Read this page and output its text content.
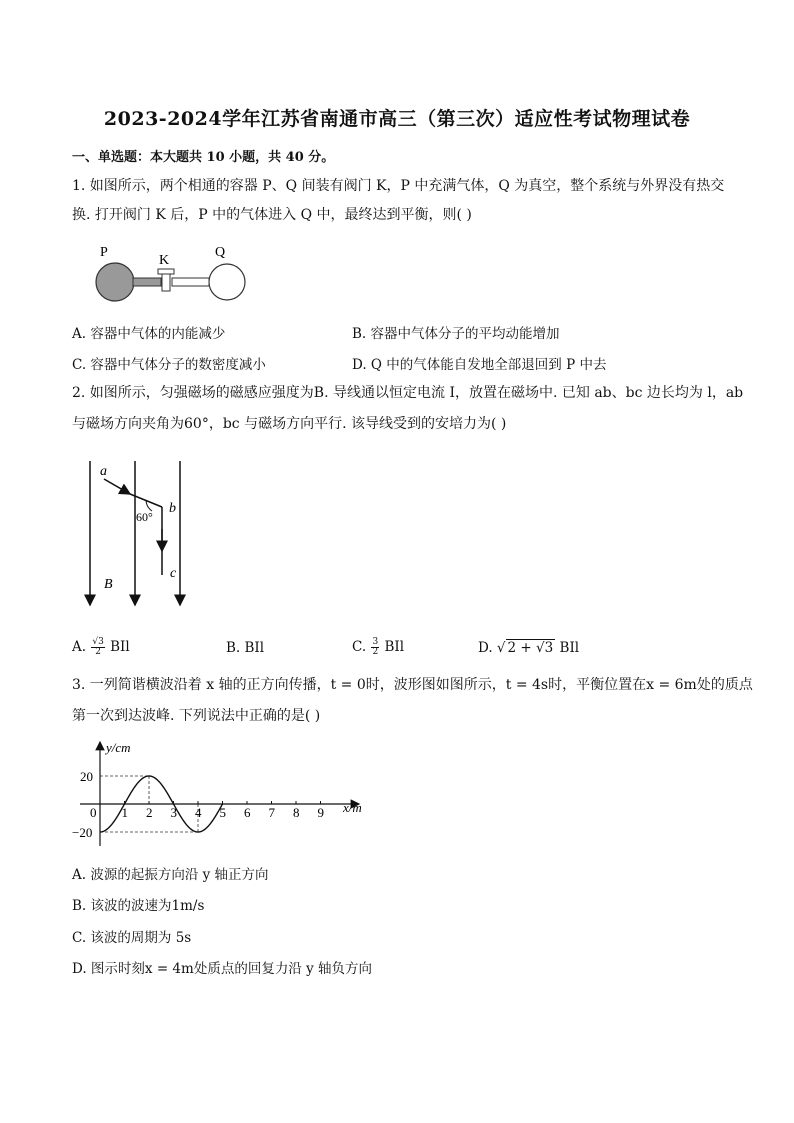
2023-2024学年江苏省南通市高三（第三次）适应性考试物理试卷
一、单选题：本大题共 10 小题，共 40 分。
1. 如图所示，两个相通的容器 P、Q 间装有阀门 K，P 中充满气体，Q 为真空，整个系统与外界没有热交
换. 打开阀门 K 后，P 中的气体进入 Q 中，最终达到平衡，则( )
P
K
Q
A. 容器中气体的内能减少	B. 容器中气体分子的平均动能增加
C. 容器中气体分子的数密度减小	D. Q 中的气体能自发地全部退回到 P 中去
2. 如图所示，匀强磁场的磁感应强度为B. 导线通以恒定电流 I，放置在磁场中. 已知 ab、bc 边长均为 l，ab
与磁场方向夹角为60°，bc 与磁场方向平行. 该导线受到的安培力为( )
a
b
c
B
60°
A. $\frac{√3}{2}$ BIl	B. BIl	C. $\frac{3}{2}$ BIl	D. √ 2 + √3 BIl
3. 一列简谐横波沿着 x 轴的正方向传播，t = 0时，波形图如图所示，t = 4s时，平衡位置在x = 6m处的质点
第一次到达波峰. 下列说法中正确的是( )
0 1 2 3 4 5 6 7 8 9
20
−20
y/cm
x/m
A. 波源的起振方向沿 y 轴正方向
B. 该波的波速为1m/s
C. 该波的周期为 5s
D. 图示时刻x = 4m处质点的回复力沿 y 轴负方向
